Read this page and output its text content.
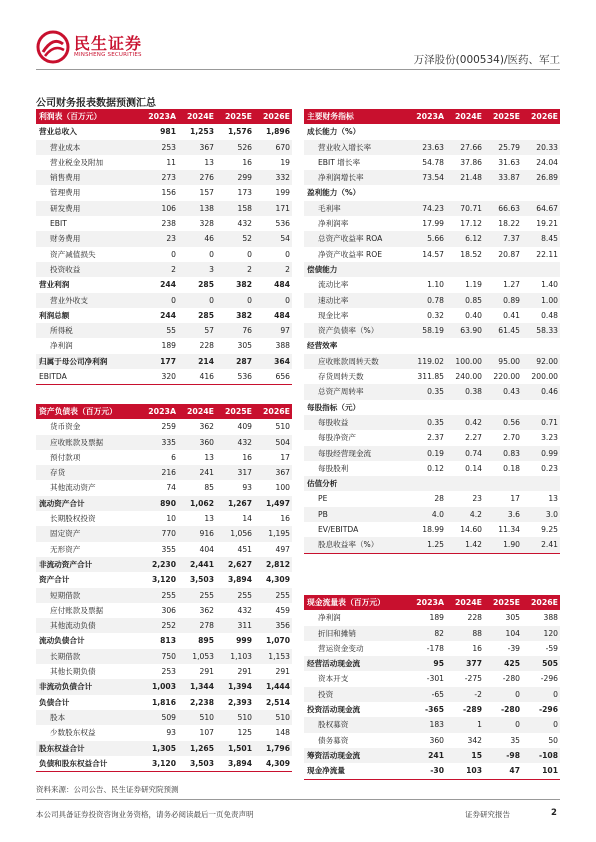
民生证券
MINSHENG SECURITIES	万泽股份(000534)/医药、军工
公司财务报表数据预测汇总
利润表（百万元）	2023A	2024E	2025E	2026E
营业总收入	981	1,253	1,576	1,896
营业成本	253	367	526	670
营业税金及附加	11	13	16	19
销售费用	273	276	299	332
管理费用	156	157	173	199
研发费用	106	138	158	171
EBIT	238	328	432	536
财务费用	23	46	52	54
资产减值损失	0	0	0	0
投资收益	2	3	2	2
营业利润	244	285	382	484
营业外收支	0	0	0	0
利润总额	244	285	382	484
所得税	55	57	76	97
净利润	189	228	305	388
归属于母公司净利润	177	214	287	364
EBITDA	320	416	536	656
主要财务指标	2023A	2024E	2025E	2026E
成长能力（%）				
营业收入增长率	23.63	27.66	25.79	20.33
EBIT 增长率	54.78	37.86	31.63	24.04
净利润增长率	73.54	21.48	33.87	26.89
盈利能力（%）				
毛利率	74.23	70.71	66.63	64.67
净利润率	17.99	17.12	18.22	19.21
总资产收益率 ROA	5.66	6.12	7.37	8.45
净资产收益率 ROE	14.57	18.52	20.87	22.11
偿债能力				
流动比率	1.10	1.19	1.27	1.40
速动比率	0.78	0.85	0.89	1.00
现金比率	0.32	0.40	0.41	0.48
资产负债率（%）	58.19	63.90	61.45	58.33
经营效率				
应收账款周转天数	119.02	100.00	95.00	92.00
存货周转天数	311.85	240.00	220.00	200.00
总资产周转率	0.35	0.38	0.43	0.46
每股指标（元）				
每股收益	0.35	0.42	0.56	0.71
每股净资产	2.37	2.27	2.70	3.23
每股经营现金流	0.19	0.74	0.83	0.99
每股股利	0.12	0.14	0.18	0.23
估值分析				
PE	28	23	17	13
PB	4.0	4.2	3.6	3.0
EV/EBITDA	18.99	14.60	11.34	9.25
股息收益率（%）	1.25	1.42	1.90	2.41
资产负债表（百万元）	2023A	2024E	2025E	2026E
货币资金	259	362	409	510
应收账款及票据	335	360	432	504
预付款项	6	13	16	17
存货	216	241	317	367
其他流动资产	74	85	93	100
流动资产合计	890	1,062	1,267	1,497
长期股权投资	10	13	14	16
固定资产	770	916	1,056	1,195
无形资产	355	404	451	497
非流动资产合计	2,230	2,441	2,627	2,812
资产合计	3,120	3,503	3,894	4,309
短期借款	255	255	255	255
应付账款及票据	306	362	432	459
其他流动负债	252	278	311	356
流动负债合计	813	895	999	1,070
长期借款	750	1,053	1,103	1,153
其他长期负债	253	291	291	291
非流动负债合计	1,003	1,344	1,394	1,444
负债合计	1,816	2,238	2,393	2,514
股本	509	510	510	510
少数股东权益	93	107	125	148
股东权益合计	1,305	1,265	1,501	1,796
负债和股东权益合计	3,120	3,503	3,894	4,309
现金流量表（百万元）	2023A	2024E	2025E	2026E
净利润	189	228	305	388
折旧和摊销	82	88	104	120
营运资金变动	-178	16	-39	-59
经营活动现金流	95	377	425	505
资本开支	-301	-275	-280	-296
投资	-65	-2	0	0
投资活动现金流	-365	-289	-280	-296
股权募资	183	1	0	0
债务募资	360	342	35	50
筹资活动现金流	241	15	-98	-108
现金净流量	-30	103	47	101
资料来源：公司公告、民生证券研究院预测
本公司具备证券投资咨询业务资格，请务必阅读最后一页免责声明	证券研究报告	2
